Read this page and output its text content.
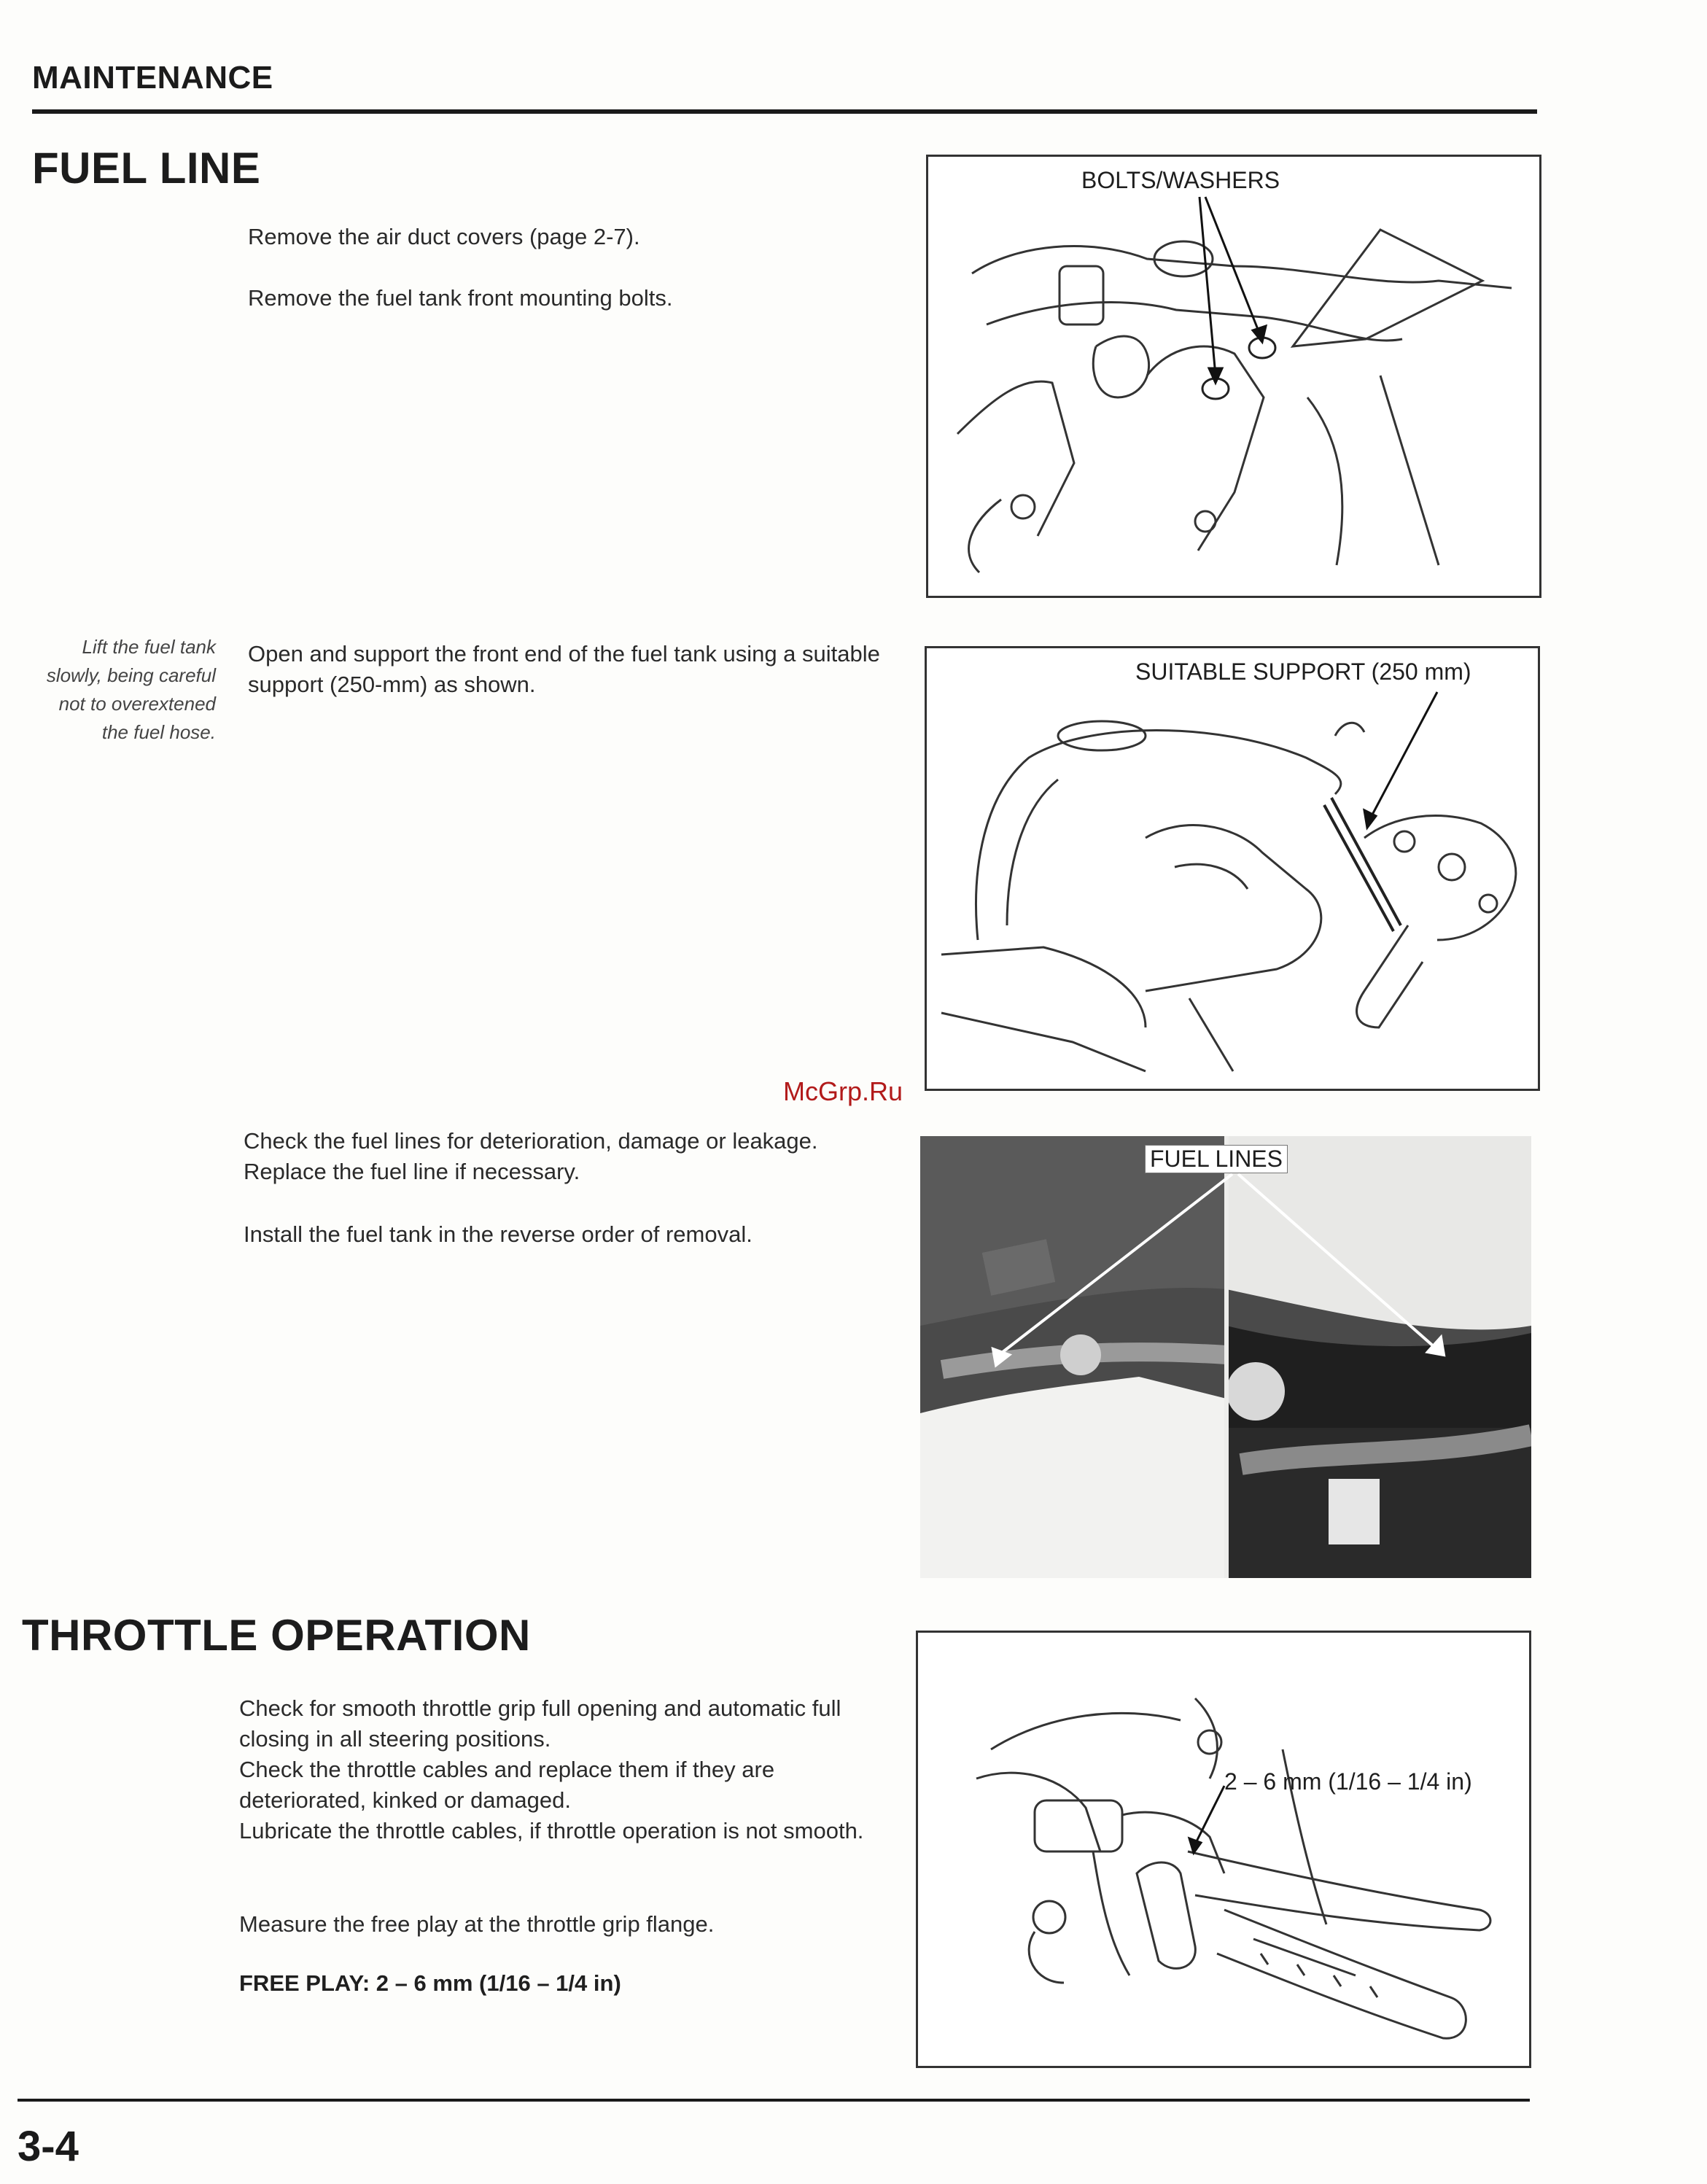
MAINTENANCE
FUEL LINE
Remove the air duct covers (page 2-7).
Remove the fuel tank front mounting bolts.
BOLTS/WASHERS
Lift the fuel tank slowly, being careful not to overextened the fuel hose.
Open and support the front end of the fuel tank using a suitable support (250-mm) as shown.	SUITABLE SUPPORT (250 mm)
McGrp.Ru
Check the fuel lines for deterioration, damage or leakage. Replace the fuel line if necessary.
Install the fuel tank in the reverse order of removal.
FUEL LINES
THROTTLE OPERATION
Check for smooth throttle grip full opening and automatic full closing in all steering positions.
Check the throttle cables and replace them if they are deteriorated, kinked or damaged.
Lubricate the throttle cables, if throttle operation is not smooth.
Measure the free play at the throttle grip flange.
FREE PLAY: 2 – 6 mm (1/16 – 1/4 in)
2 – 6 mm (1/16 – 1/4 in)
3-4
